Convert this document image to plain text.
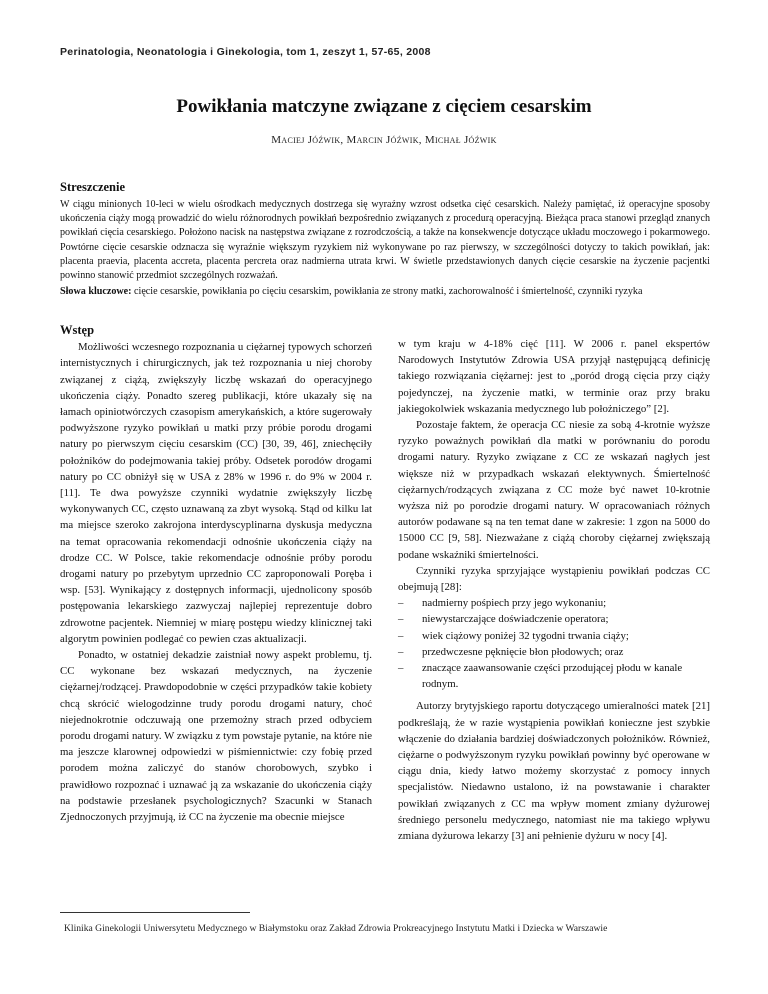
Perinatologia, Neonatologia i Ginekologia, tom 1, zeszyt 1, 57-65, 2008
Powikłania matczyne związane z cięciem cesarskim
Maciej Jóźwik, Marcin Jóźwik, Michał Jóźwik
Streszczenie

W ciągu minionych 10-leci w wielu ośrodkach medycznych dostrzega się wyraźny wzrost odsetka cięć cesarskich. Należy pamiętać, iż operacyjne sposoby ukończenia ciąży mogą prowadzić do wielu różnorodnych powikłań bezpośrednio związanych z procedurą operacyjną. Bieżąca praca stanowi przegląd znanych powikłań cięcia cesarskiego. Położono nacisk na następstwa związane z rozrodczością, a także na konsekwencje dotyczące układu moczowego i pokarmowego. Powtórne cięcie cesarskie odznacza się wyraźnie większym ryzykiem niż wykonywane po raz pierwszy, w szczególności dotyczy to takich powikłań, jak: placenta praevia, placenta accreta, placenta percreta oraz nadmierna utrata krwi. W świetle przedstawionych danych cięcie cesarskie na życzenie pacjentki powinno stanowić przedmiot szczególnych rozważań.

Słowa kluczowe: cięcie cesarskie, powikłania po cięciu cesarskim, powikłania ze strony matki, zachorowalność i śmiertelność, czynniki ryzyka

Wstęp

Możliwości wczesnego rozpoznania u ciężarnej typowych schorzeń internistycznych i chirurgicznych, jak też rozpoznania u niej choroby związanej z ciążą, zwiększyły liczbę wskazań do operacyjnego ukończenia ciąży. Ponadto szereg publikacji, które ukazały się na łamach opiniotwórczych czasopism amerykańskich, a które sugerowały podwyższone ryzyko powikłań u matki przy próbie porodu drogami natury po pierwszym cięciu cesarskim (CC) [30, 39, 46], zniechęciły położników do podejmowania takiej próby. Odsetek porodów drogami natury po CC obniżył się w USA z 28% w 1996 r. do 9% w 2004 r. [11]. Te dwa powyższe czynniki wydatnie zwiększyły liczbę wykonywanych CC, często uznawaną za zbyt wysoką. Stąd od kilku lat ma miejsce szeroko zakrojona interdyscyplinarna dyskusja medyczna na temat opracowania rekomendacji odnośnie ukończenia ciąży na drodze CC. W Polsce, takie rekomendacje odnośnie próby porodu drogami natury po przebytym uprzednio CC zaproponowali Poręba i wsp. [53]. Wynikający z dostępnych informacji, ujednolicony sposób postępowania lekarskiego zazwyczaj najlepiej reprezentuje dobro zdrowotne pacjentek. Niemniej w miarę postępu wiedzy klinicznej taki algorytm powinien podlegać co pewien czas aktualizacji.

Ponadto, w ostatniej dekadzie zaistniał nowy aspekt problemu, tj. CC wykonane bez wskazań medycznych, na życzenie ciężarnej/rodzącej. Prawdopodobnie w części przypadków takie kobiety chcą skrócić wielogodzinne trudy porodu drogami natury, choć niejednokrotnie odczuwają one przemożny strach przed odbyciem porodu drogami natury. W związku z tym powstaje pytanie, na które nie ma jeszcze klarownej odpowiedzi w piśmiennictwie: czy fobię przed porodem można zaliczyć do stanów chorobowych, szybko i prawidłowo rozpoznać i uznawać ją za wskazanie do ukończenia ciąży na podstawie przesłanek psychologicznych? Szacunki w Stanach Zjednoczonych przyjmują, iż CC na życzenie ma obecnie miejsce

w tym kraju w 4-18% cięć [11]. W 2006 r. panel ekspertów Narodowych Instytutów Zdrowia USA przyjął następującą definicję takiego rozwiązania ciężarnej: jest to „poród drogą cięcia przy ciąży pojedynczej, na życzenie matki, w terminie oraz przy braku jakiegokolwiek wskazania medycznego lub położniczego” [2].

Pozostaje faktem, że operacja CC niesie za sobą 4-krotnie wyższe ryzyko poważnych powikłań dla matki w porównaniu do porodu drogami natury. Ryzyko związane z CC ze wskazań nagłych jest większe niż w przypadkach wskazań elektywnych. Śmiertelność ciężarnych/rodzących związana z CC może być nawet 10-krotnie wyższa niż po porodzie drogami natury. W opracowaniach różnych autorów podawane są na ten temat dane w zakresie: 1 zgon na 5000 do 15000 CC [9, 58]. Niezważane z ciążą choroby ciężarnej zwiększają podane wskaźniki śmiertelności.

Czynniki ryzyka sprzyjające wystąpieniu powikłań podczas CC obejmują [28]:

– nadmierny pośpiech przy jego wykonaniu;
– niewystarczające doświadczenie operatora;
– wiek ciążowy poniżej 32 tygodni trwania ciąży;
– przedwczesne pęknięcie błon płodowych; oraz
– znaczące zaawansowanie części przodującej płodu w kanale rodnym.

Autorzy brytyjskiego raportu dotyczącego umieralności matek [21] podkreślają, że w razie wystąpienia powikłań konieczne jest szybkie włączenie do działania bardziej doświadczonych położników. Również, ciężarne o podwyższonym ryzyku powikłań powinny być operowane w ciągu dnia, kiedy łatwo możemy skorzystać z pomocy innych specjalistów. Niedawno ustalono, iż na powstawanie i charakter powikłań związanych z CC ma wpływ moment zmiany dyżurowej średniego personelu medycznego, natomiast nie ma takiego wpływu zmiana dyżurowa lekarzy [3] ani pełnienie dyżuru w nocy [4].

Klinika Ginekologii Uniwersytetu Medycznego w Białymstoku oraz Zakład Zdrowia Prokreacyjnego Instytutu Matki i Dziecka w Warszawie
